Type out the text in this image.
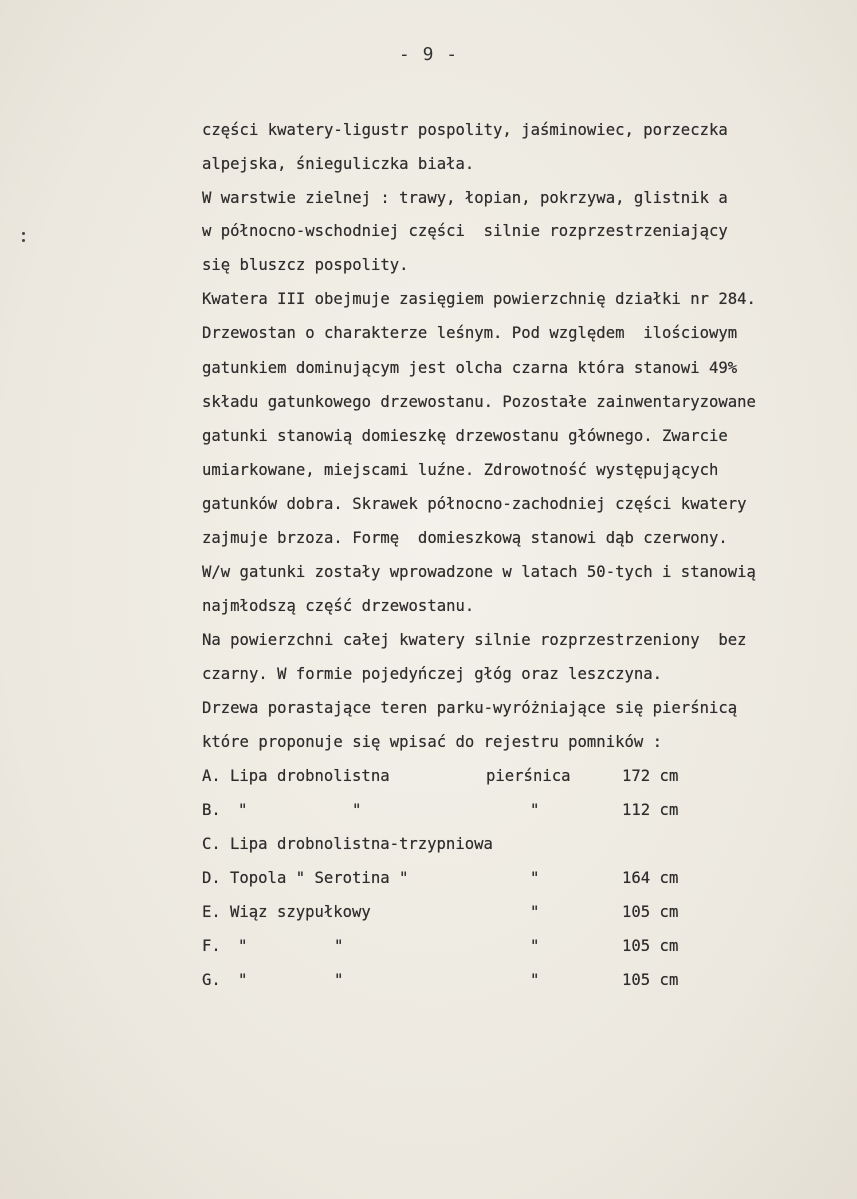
- 9 -
części kwatery-ligustr pospolity, jaśminowiec, porzeczka
alpejska, śnieguliczka biała.
W warstwie zielnej : trawy, łopian, pokrzywa, glistnik a
w północno-wschodniej części  silnie rozprzestrzeniający
się bluszcz pospolity.
Kwatera III obejmuje zasięgiem powierzchnię działki nr 284.
Drzewostan o charakterze leśnym. Pod względem  ilościowym
gatunkiem dominującym jest olcha czarna która stanowi 49%
składu gatunkowego drzewostanu. Pozostałe zainwentaryzowane
gatunki stanowią domieszkę drzewostanu głównego. Zwarcie
umiarkowane, miejscami luźne. Zdrowotność występujących
gatunków dobra. Skrawek północno-zachodniej części kwatery
zajmuje brzoza. Formę  domieszkową stanowi dąb czerwony.
W/w gatunki zostały wprowadzone w latach 50-tych i stanowią
najmłodszą część drzewostanu.
Na powierzchni całej kwatery silnie rozprzestrzeniony  bez
czarny. W formie pojedyńczej głóg oraz leszczyna.
Drzewa porastające teren parku-wyróżniające się pierśnicą
które proponuje się wpisać do rejestru pomników :
A. Lipa drobnolistna	pierśnica	172 cm
B. "	"	"	112 cm
C. Lipa drobnolistna-trzypniowa
D. Topola " Serotina "	"	164 cm
E. Wiąz szypułkowy	"	105 cm
F. "	"	"	105 cm
G. "	"	"	105 cm
